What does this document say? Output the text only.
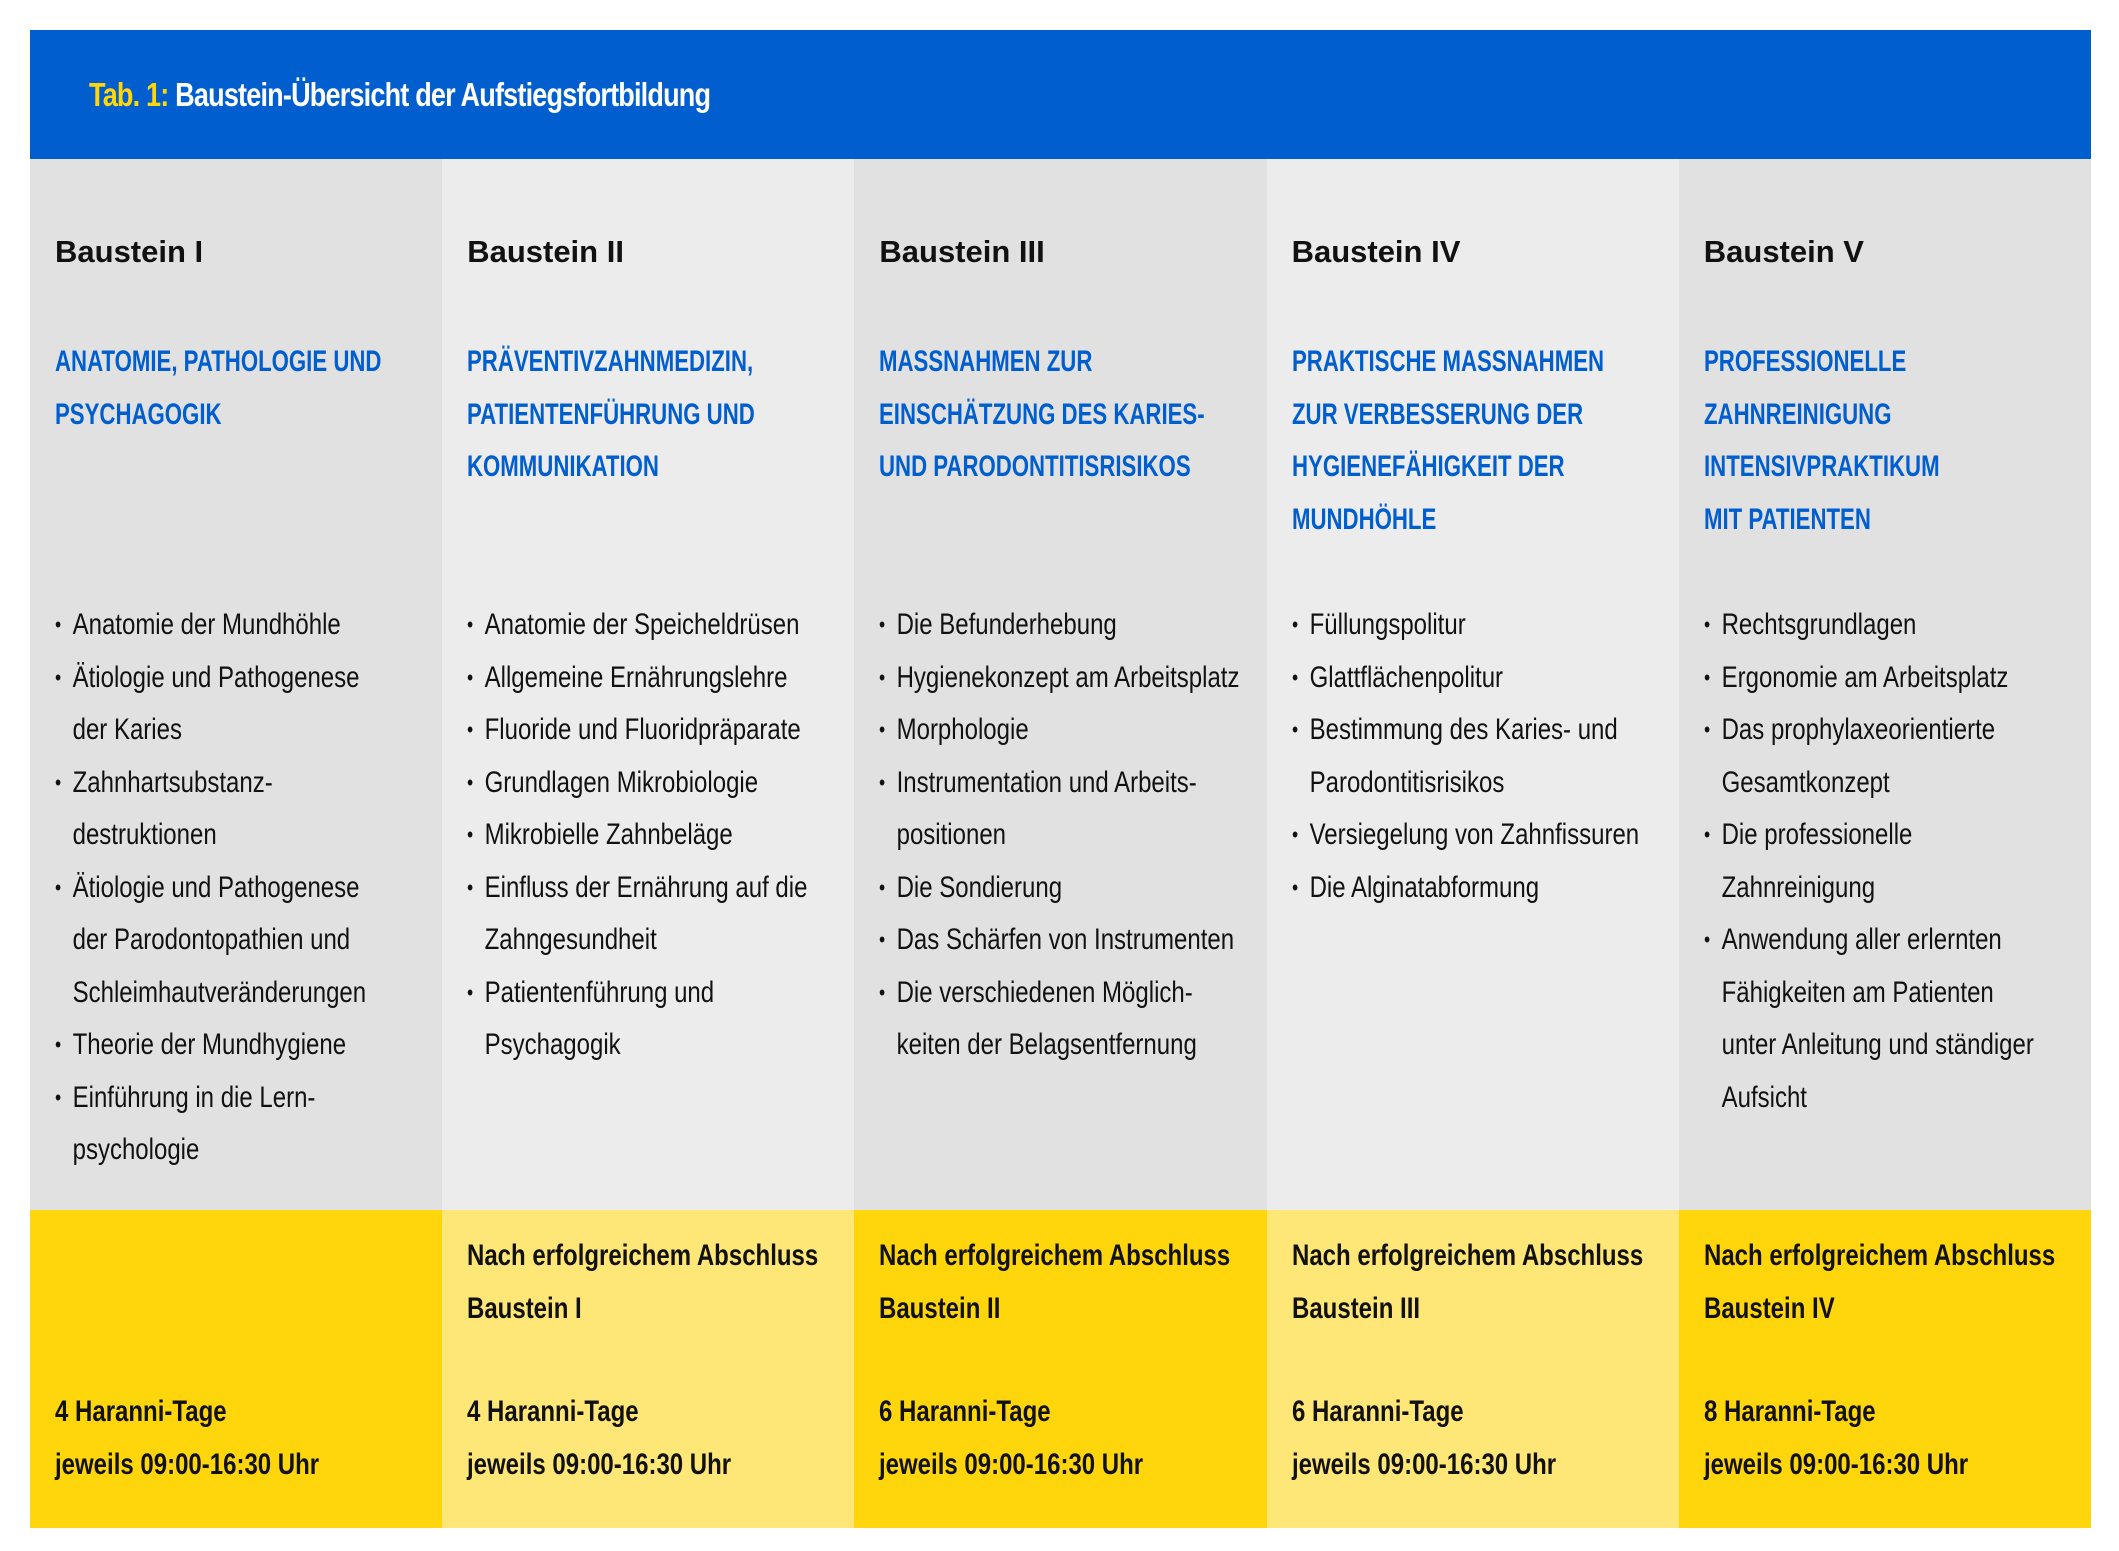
Tab. 1: Baustein-Übersicht der Aufstiegsfortbildung
Baustein I
ANATOMIE, PATHOLOGIE UND
PSYCHAGOGIK
• Anatomie der Mundhöhle
• Ätiologie und Pathogenese
der Karies
• Zahnhartsubstanz-
destruktionen
• Ätiologie und Pathogenese
der Parodontopathien und
Schleimhautveränderungen
• Theorie der Mundhygiene
• Einführung in die Lern-
psychologie
4 Haranni-Tage
jeweils 09:00-16:30 Uhr
Baustein II
PRÄVENTIVZAHNMEDIZIN,
PATIENTENFÜHRUNG UND
KOMMUNIKATION
• Anatomie der Speicheldrüsen
• Allgemeine Ernährungslehre
• Fluoride und Fluoridpräparate
• Grundlagen Mikrobiologie
• Mikrobielle Zahnbeläge
• Einfluss der Ernährung auf die
Zahngesundheit
• Patientenführung und
Psychagogik
Nach erfolgreichem Abschluss
Baustein I
4 Haranni-Tage
jeweils 09:00-16:30 Uhr
Baustein III
MASSNAHMEN ZUR
EINSCHÄTZUNG DES KARIES-
UND PARODONTITISRISIKOS
• Die Befunderhebung
• Hygienekonzept am Arbeitsplatz
• Morphologie
• Instrumentation und Arbeits-
positionen
• Die Sondierung
• Das Schärfen von Instrumenten
• Die verschiedenen Möglich-
keiten der Belagsentfernung
Nach erfolgreichem Abschluss
Baustein II
6 Haranni-Tage
jeweils 09:00-16:30 Uhr
Baustein IV
PRAKTISCHE MASSNAHMEN
ZUR VERBESSERUNG DER
HYGIENEFÄHIGKEIT DER
MUNDHÖHLE
• Füllungspolitur
• Glattflächenpolitur
• Bestimmung des Karies- und
Parodontitisrisikos
• Versiegelung von Zahnfissuren
• Die Alginatabformung
Nach erfolgreichem Abschluss
Baustein III
6 Haranni-Tage
jeweils 09:00-16:30 Uhr
Baustein V
PROFESSIONELLE
ZAHNREINIGUNG
INTENSIVPRAKTIKUM
MIT PATIENTEN
• Rechtsgrundlagen
• Ergonomie am Arbeitsplatz
• Das prophylaxeorientierte
Gesamtkonzept
• Die professionelle
Zahnreinigung
• Anwendung aller erlernten
Fähigkeiten am Patienten
unter Anleitung und ständiger
Aufsicht
Nach erfolgreichem Abschluss
Baustein IV
8 Haranni-Tage
jeweils 09:00-16:30 Uhr
